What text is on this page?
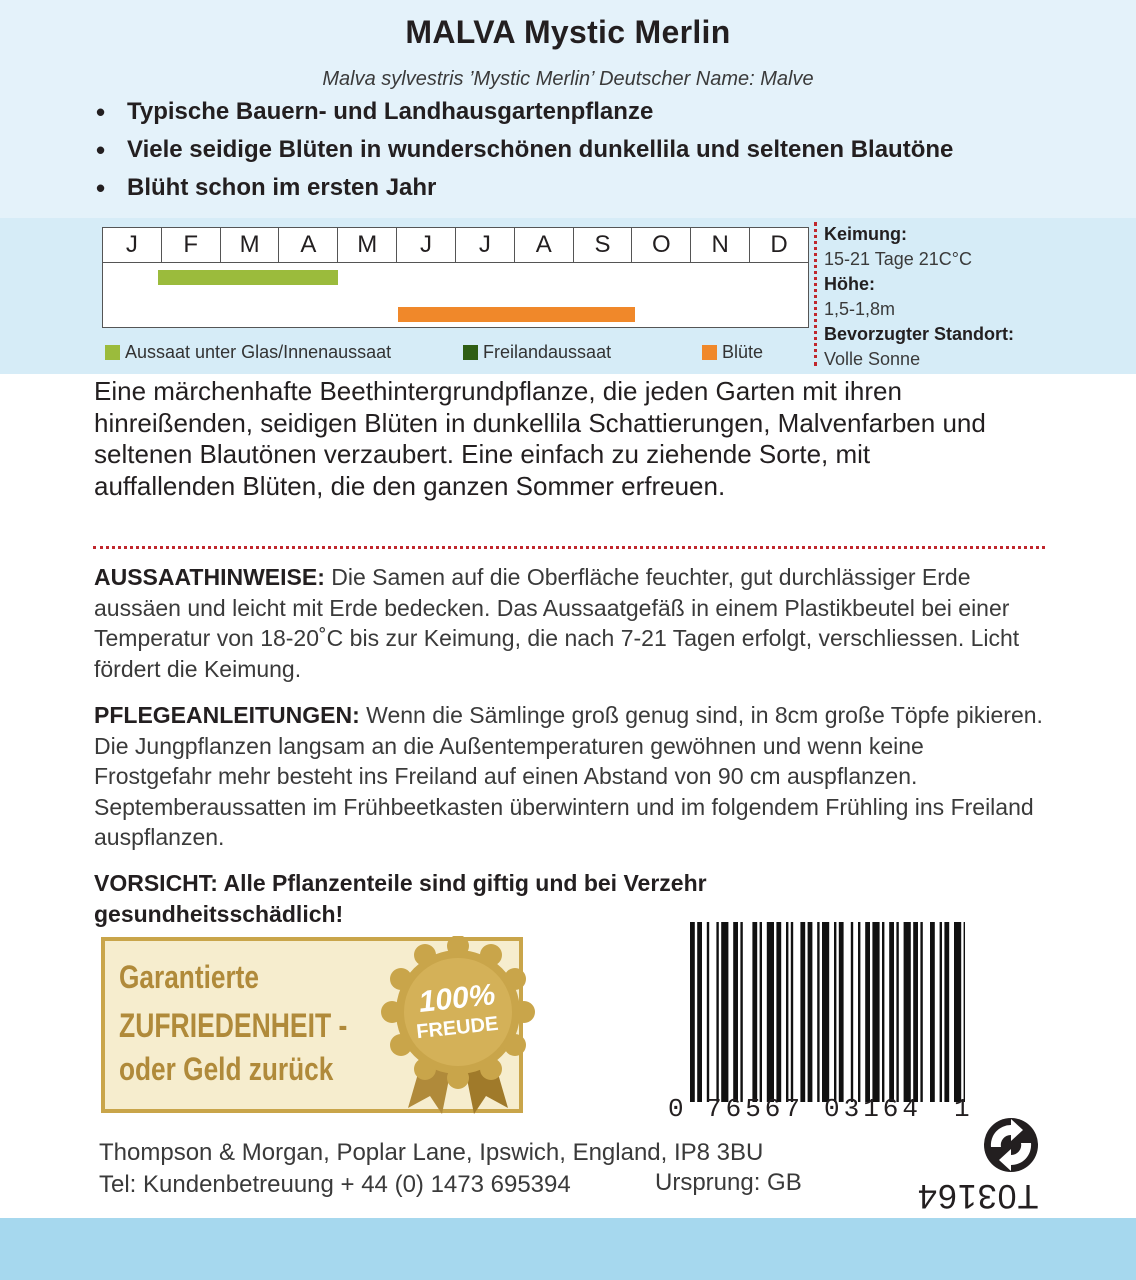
MALVA Mystic Merlin
Malva sylvestris ’Mystic Merlin’ Deutscher Name: Malve
• Typische Bauern- und Landhausgartenpflanze
• Viele seidige Blüten in wunderschönen dunkellila und seltenen Blautöne
• Blüht schon im ersten Jahr
J	F	M	A	M	J	J	A	S	O	N	D
Aussaat unter Glas/Innenaussaat	Freilandaussaat	Blüte
Keimung:
15-21 Tage 21C°C
Höhe:
1,5-1,8m
Bevorzugter Standort:
Volle Sonne
Eine märchenhafte Beethintergrundpflanze, die jeden Garten mit ihren hinreißenden, seidigen Blüten in dunkellila Schattierungen, Malvenfarben und seltenen Blautönen verzaubert. Eine einfach zu ziehende Sorte, mit auffallenden Blüten, die den ganzen Sommer erfreuen.
AUSSAATHINWEISE: Die Samen auf die Oberfläche feuchter, gut durchlässiger Erde aussäen und leicht mit Erde bedecken. Das Aussaatgefäß in einem Plastikbeutel bei einer Temperatur von 18-20˚C bis zur Keimung, die nach 7-21 Tagen erfolgt, verschliessen. Licht fördert die Keimung.
PFLEGEANLEITUNGEN: Wenn die Sämlinge groß genug sind, in 8cm große Töpfe pikieren. Die Jungpflanzen langsam an die Außentemperaturen gewöhnen und wenn keine Frostgefahr mehr besteht ins Freiland auf einen Abstand von 90 cm auspflanzen. Septemberaussatten im Frühbeetkasten überwintern und im folgendem Frühling ins Freiland auspflanzen.
VORSICHT: Alle Pflanzenteile sind giftig und bei Verzehr gesundheitsschädlich!
Garantierte
ZUFRIEDENHEIT -
oder Geld zurück
100%
FREUDE
0 76567 03164	1
Thompson & Morgan, Poplar Lane, Ipswich, England, IP8 3BU
Tel: Kundenbetreuung + 44 (0) 1473 695394	Ursprung: GB	T03164
